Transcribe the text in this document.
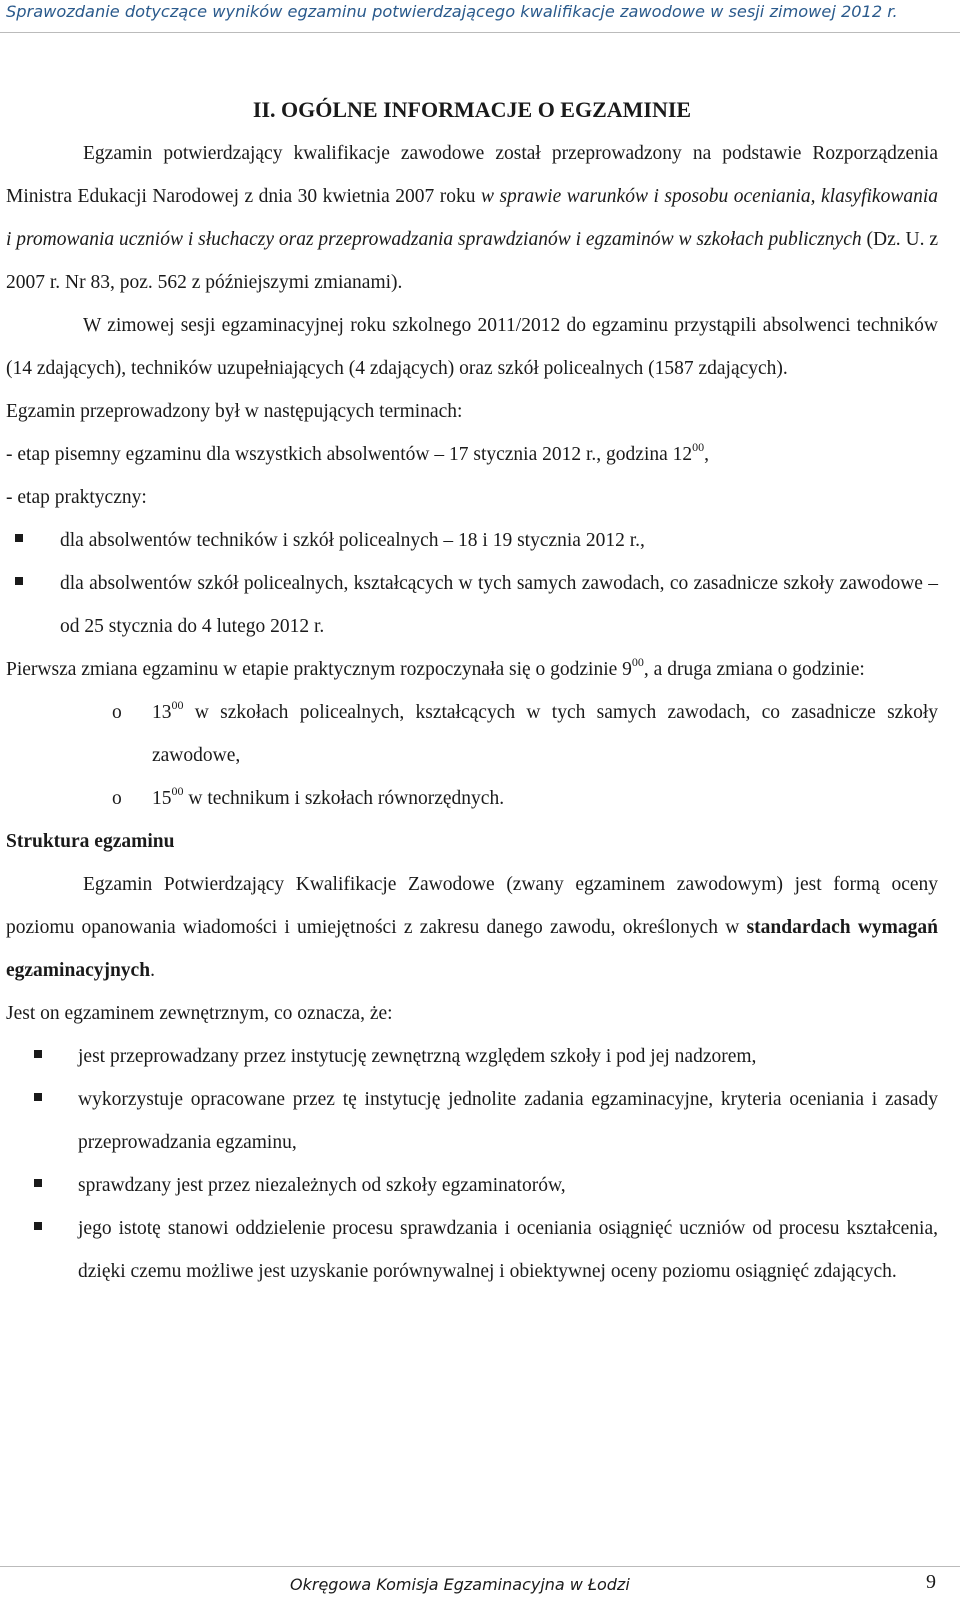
Sprawozdanie dotyczące wyników egzaminu potwierdzającego kwalifikacje zawodowe w sesji zimowej 2012 r.

II. OGÓLNE INFORMACJE O EGZAMINIE

Egzamin potwierdzający kwalifikacje zawodowe został przeprowadzony na podstawie Rozporządzenia Ministra Edukacji Narodowej z dnia 30 kwietnia 2007 roku w sprawie warunków i sposobu oceniania, klasyfikowania i promowania uczniów i słuchaczy oraz przeprowadzania sprawdzianów i egzaminów w szkołach publicznych (Dz. U. z 2007 r. Nr 83, poz. 562 z późniejszymi zmianami).

W zimowej sesji egzaminacyjnej roku szkolnego 2011/2012 do egzaminu przystąpili absolwenci techników (14 zdających), techników uzupełniających (4 zdających) oraz szkół policealnych (1587 zdających).

Egzamin przeprowadzony był w następujących terminach:

- etap pisemny egzaminu dla wszystkich absolwentów – 17 stycznia 2012 r., godzina $12^{00}$,

- etap praktyczny:

dla absolwentów techników i szkół policealnych – 18 i 19 stycznia 2012 r.,
dla absolwentów szkół policealnych, kształcących w tych samych zawodach, co zasadnicze szkoły zawodowe – od 25 stycznia do 4 lutego 2012 r.

Pierwsza zmiana egzaminu w etapie praktycznym rozpoczynała się o godzinie $9^{00}$, a druga zmiana o godzinie:

o $13^{00}$ w szkołach policealnych, kształcących w tych samych zawodach, co zasadnicze szkoły zawodowe,
o $15^{00}$ w technikum i szkołach równorzędnych.

Struktura egzaminu

Egzamin Potwierdzający Kwalifikacje Zawodowe (zwany egzaminem zawodowym) jest formą oceny poziomu opanowania wiadomości i umiejętności z zakresu danego zawodu, określonych w standardach wymagań egzaminacyjnych.

Jest on egzaminem zewnętrznym, co oznacza, że:

jest przeprowadzany przez instytucję zewnętrzną względem szkoły i pod jej nadzorem,
wykorzystuje opracowane przez tę instytucję jednolite zadania egzaminacyjne, kryteria oceniania i zasady przeprowadzania egzaminu,
sprawdzany jest przez niezależnych od szkoły egzaminatorów,
jego istotę stanowi oddzielenie procesu sprawdzania i oceniania osiągnięć uczniów od procesu kształcenia, dzięki czemu możliwe jest uzyskanie porównywalnej i obiektywnej oceny poziomu osiągnięć zdających.
Okręgowa Komisja Egzaminacyjna w Łodzi	9
